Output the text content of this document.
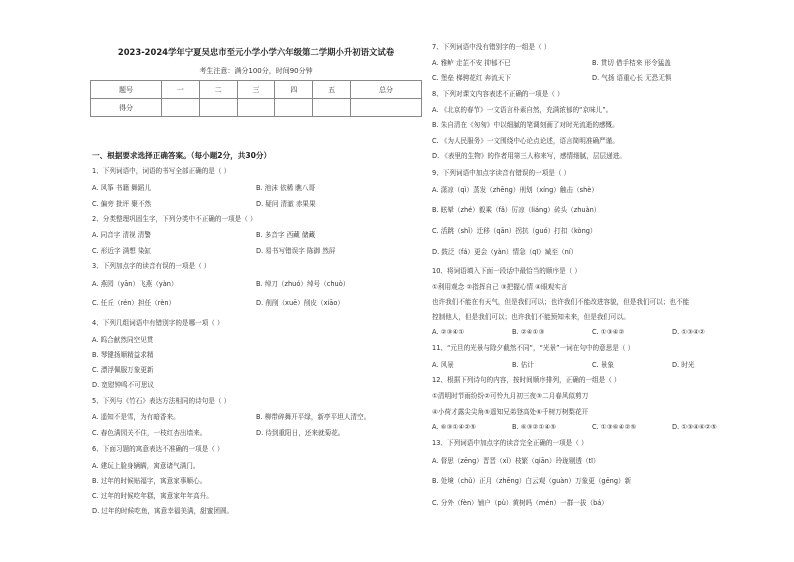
2023-2024学年宁夏吴忠市至元小学小学六年级第二学期小升初语文试卷
考生注意：满分100分，时间90分钟
题号	一	二	三	四	五	总分
得分						
一、根据要求选择正确答案。（每小题2分，共30分）
1、下列词语中，词语的书写全部正确的是（ ）
A. 风筝 书籍 舞蹈儿	B. 池沫 依稀 瞧八哥
C. 偏旁 批评 聚不然	D. 疑问 清澈 赤果果
2、分类整理巩固生字，下列分类中不正确的一项是（ ）
A. 同音字 清视 清警	B. 多音字 西藏 储藏
C. 形近字 满想 染缸	D. 易书写错误字 陈御 然屏
3、下列加点字的读音有误的一项是（ ）
A. 燕园（yān）飞燕（yàn）	B. 绰刀（zhuó）绰号（chuò）
C. 任丘（rén）担任（rèn）	D. 削削（xuē）削皮（xiāo）
4、下列几组词语中有错别字的是哪一项（ ）
A. 呜合献然同空见贯
B. 琴键扬顺精益求精
C. 漂浮佩服万象更新
D. 宽慰钟鸣不可思议
5、下列与《竹石》表达方法相同的诗句是（ ）
A. 遥知不是雪，为有暗香来。	B. 柳带碎舞开平绿，新亭平坦人清空。
C. 春色满园关不住，一枝红杏出墙来。	D. 待到重阳日，还来就菊花。
6、下面习题的寓意表达不准确的一项是（ ）
A. 建玩上脸身辆瞒，寓意诸气满门。
B. 过年的时候贴福字，寓意家事顺心。
C. 过年的时候吃年糕，寓意家年年高升。
D. 过年的时候吃鱼，寓意幸福美满，甜蜜团圆。
7、下列词语中没有错别字的一组是（ ）
A. 雅鲈 走芷不安 抑郁不已	B. 贯切 借手桔来 形令猛盖
C. 堡垒 梯骋花红 奔流天下	D. 气扬 语重心长 无恐无惧
8、下列对课文内容表述不正确的一项是（ ）
A. 《北京的春节》一文语言朴素自然，充满浓郁的“京味儿”。
B. 朱自清在《匆匆》中以细腻的笔调刻画了对时光流逝的感慨。
C. 《为人民服务》一文围绕中心论点论述，语言简明准确严谨。
D. 《表里的生物》的作者用第三人称来写，感情细腻，层层递进。
9、下列词语中加点字读音有错误的一项是（ ）
A. 潇凉（qì）蒸发（zhēng）刑划（xíng）触击（shè）
B. 眩晕（zhé）毅乘（fǎ）厉凉（liáng）砖头（zhuàn）
C. 活跳（shǐ）迁移（qān）拐抗（guó）打扣（kòng）
D. 鼓泛（fá）更会（yàn）情急（qī）臧至（ní）
10、将词语填入下面一段话中最恰当的顺序是（ ）
①利用观念 ②指挥自己 ③把握心情 ④眼观实言
也许我们不能在有天气，但是我们可以；也许我们不能改进容貌，但是我们可以；也不能
控制他人，但是我们可以；也许我们不能预知未来，但是我们可以。
A. ②③④①	B. ②④①③	C. ①③④②	D. ①③④②
11、“元旦的光景与除夕截然不同”，“光景”一词在句中的意思是（ ）
A. 风景	B. 估计	C. 景象	D. 时光
12、根据下列诗句的内容，按时间顺序排列，正确的一组是（ ）
①清明时节雨纷纷②可怜九月初三夜③二月春风似剪刀
④小荷才露尖尖角⑤遥知兄弟登高处⑥千树万树梨花开
A. ⑥③①④②⑤	B. ⑥③②①④⑤	C. ①③⑥④②⑤	D. ①③④⑥②⑤
13、下列词语中加点字的读音完全正确的一项是（ ）
A. 督思（zēng）晋晋（xǐ）枝繁（qiān）玲珑剔透（tī）
B. 处境（chǔ）正月（zhēng）白云观（guàn）万象更（gēng）新
C. 分外（fèn）铺户（pù）黄树吗（mén）一群一拔（bá）
